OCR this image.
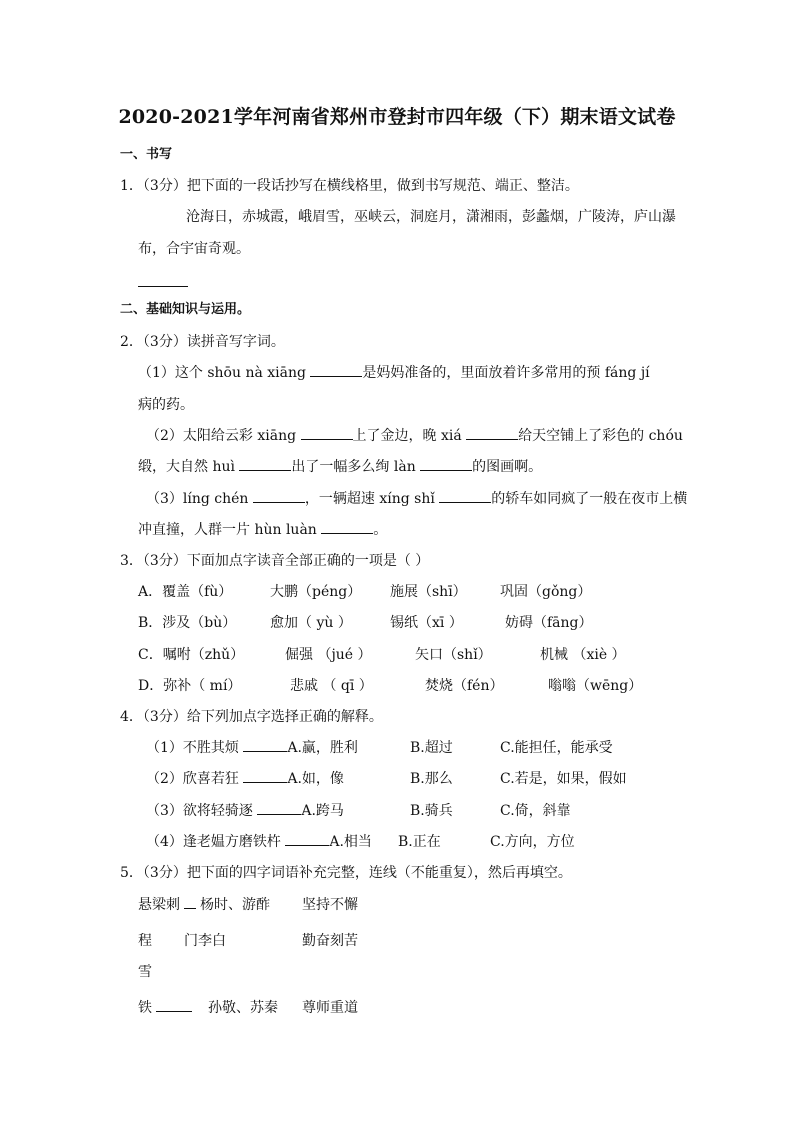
2020-2021学年河南省郑州市登封市四年级（下）期末语文试卷
一、书写
1．（3分）把下面的一段话抄写在横线格里，做到书写规范、端正、整洁。
沧海日，赤城霞，峨眉雪，巫峡云，洞庭月，潇湘雨，彭蠡烟，广陵涛，庐山瀑
布，合宇宙奇观。
二、基础知识与运用。
2．（3分）读拼音写字词。
（1）这个 shōu nà xiāng	是妈妈准备的，里面放着许多常用的预 fáng jí
病的药。
（2）太阳给云彩 xiāng	上了金边，晚 xiá	给天空铺上了彩色的 chóu
缎，大自然 huì	出了一幅多么绚 làn	的图画啊。
（3）líng chén	，一辆超速 xíng shǐ	的轿车如同疯了一般在夜市上横
冲直撞，人群一片 hùn luàn	。
3．（3分）下面加点字读音全部正确的一项是（ ）
A．覆盖（fù）	大鹏（péng） 施展（shī） 巩固（gǒng）
B．涉及（bù） 愈加（ yù ）	锡纸（xī ）	妨碍（fāng）
C．嘱咐（zhǔ）	倔强 （jué ）	矢口（shǐ）	机械 （xiè ）
D．弥补（ mí）	悲戚 （ qī ）	焚烧（fén）	嗡嗡（wēng）
4．（3分）给下列加点字选择正确的解释。
（1）不胜其烦	A.赢，胜利	B.超过	C.能担任，能承受
（2）欣喜若狂	A.如，像	B.那么	C.若是，如果，假如
（3）欲将轻骑逐	A.跨马	B.骑兵	C.倚，斜靠
（4）逢老媪方磨铁杵	A.相当 B.正在	C.方向，方位
5．（3分）把下面的四字词语补充完整，连线（不能重复），然后再填空。
悬梁刺	杨时、游酢 坚持不懈
程 门李白	勤奋刻苦
雪
铁	孙敬、苏秦 尊师重道
